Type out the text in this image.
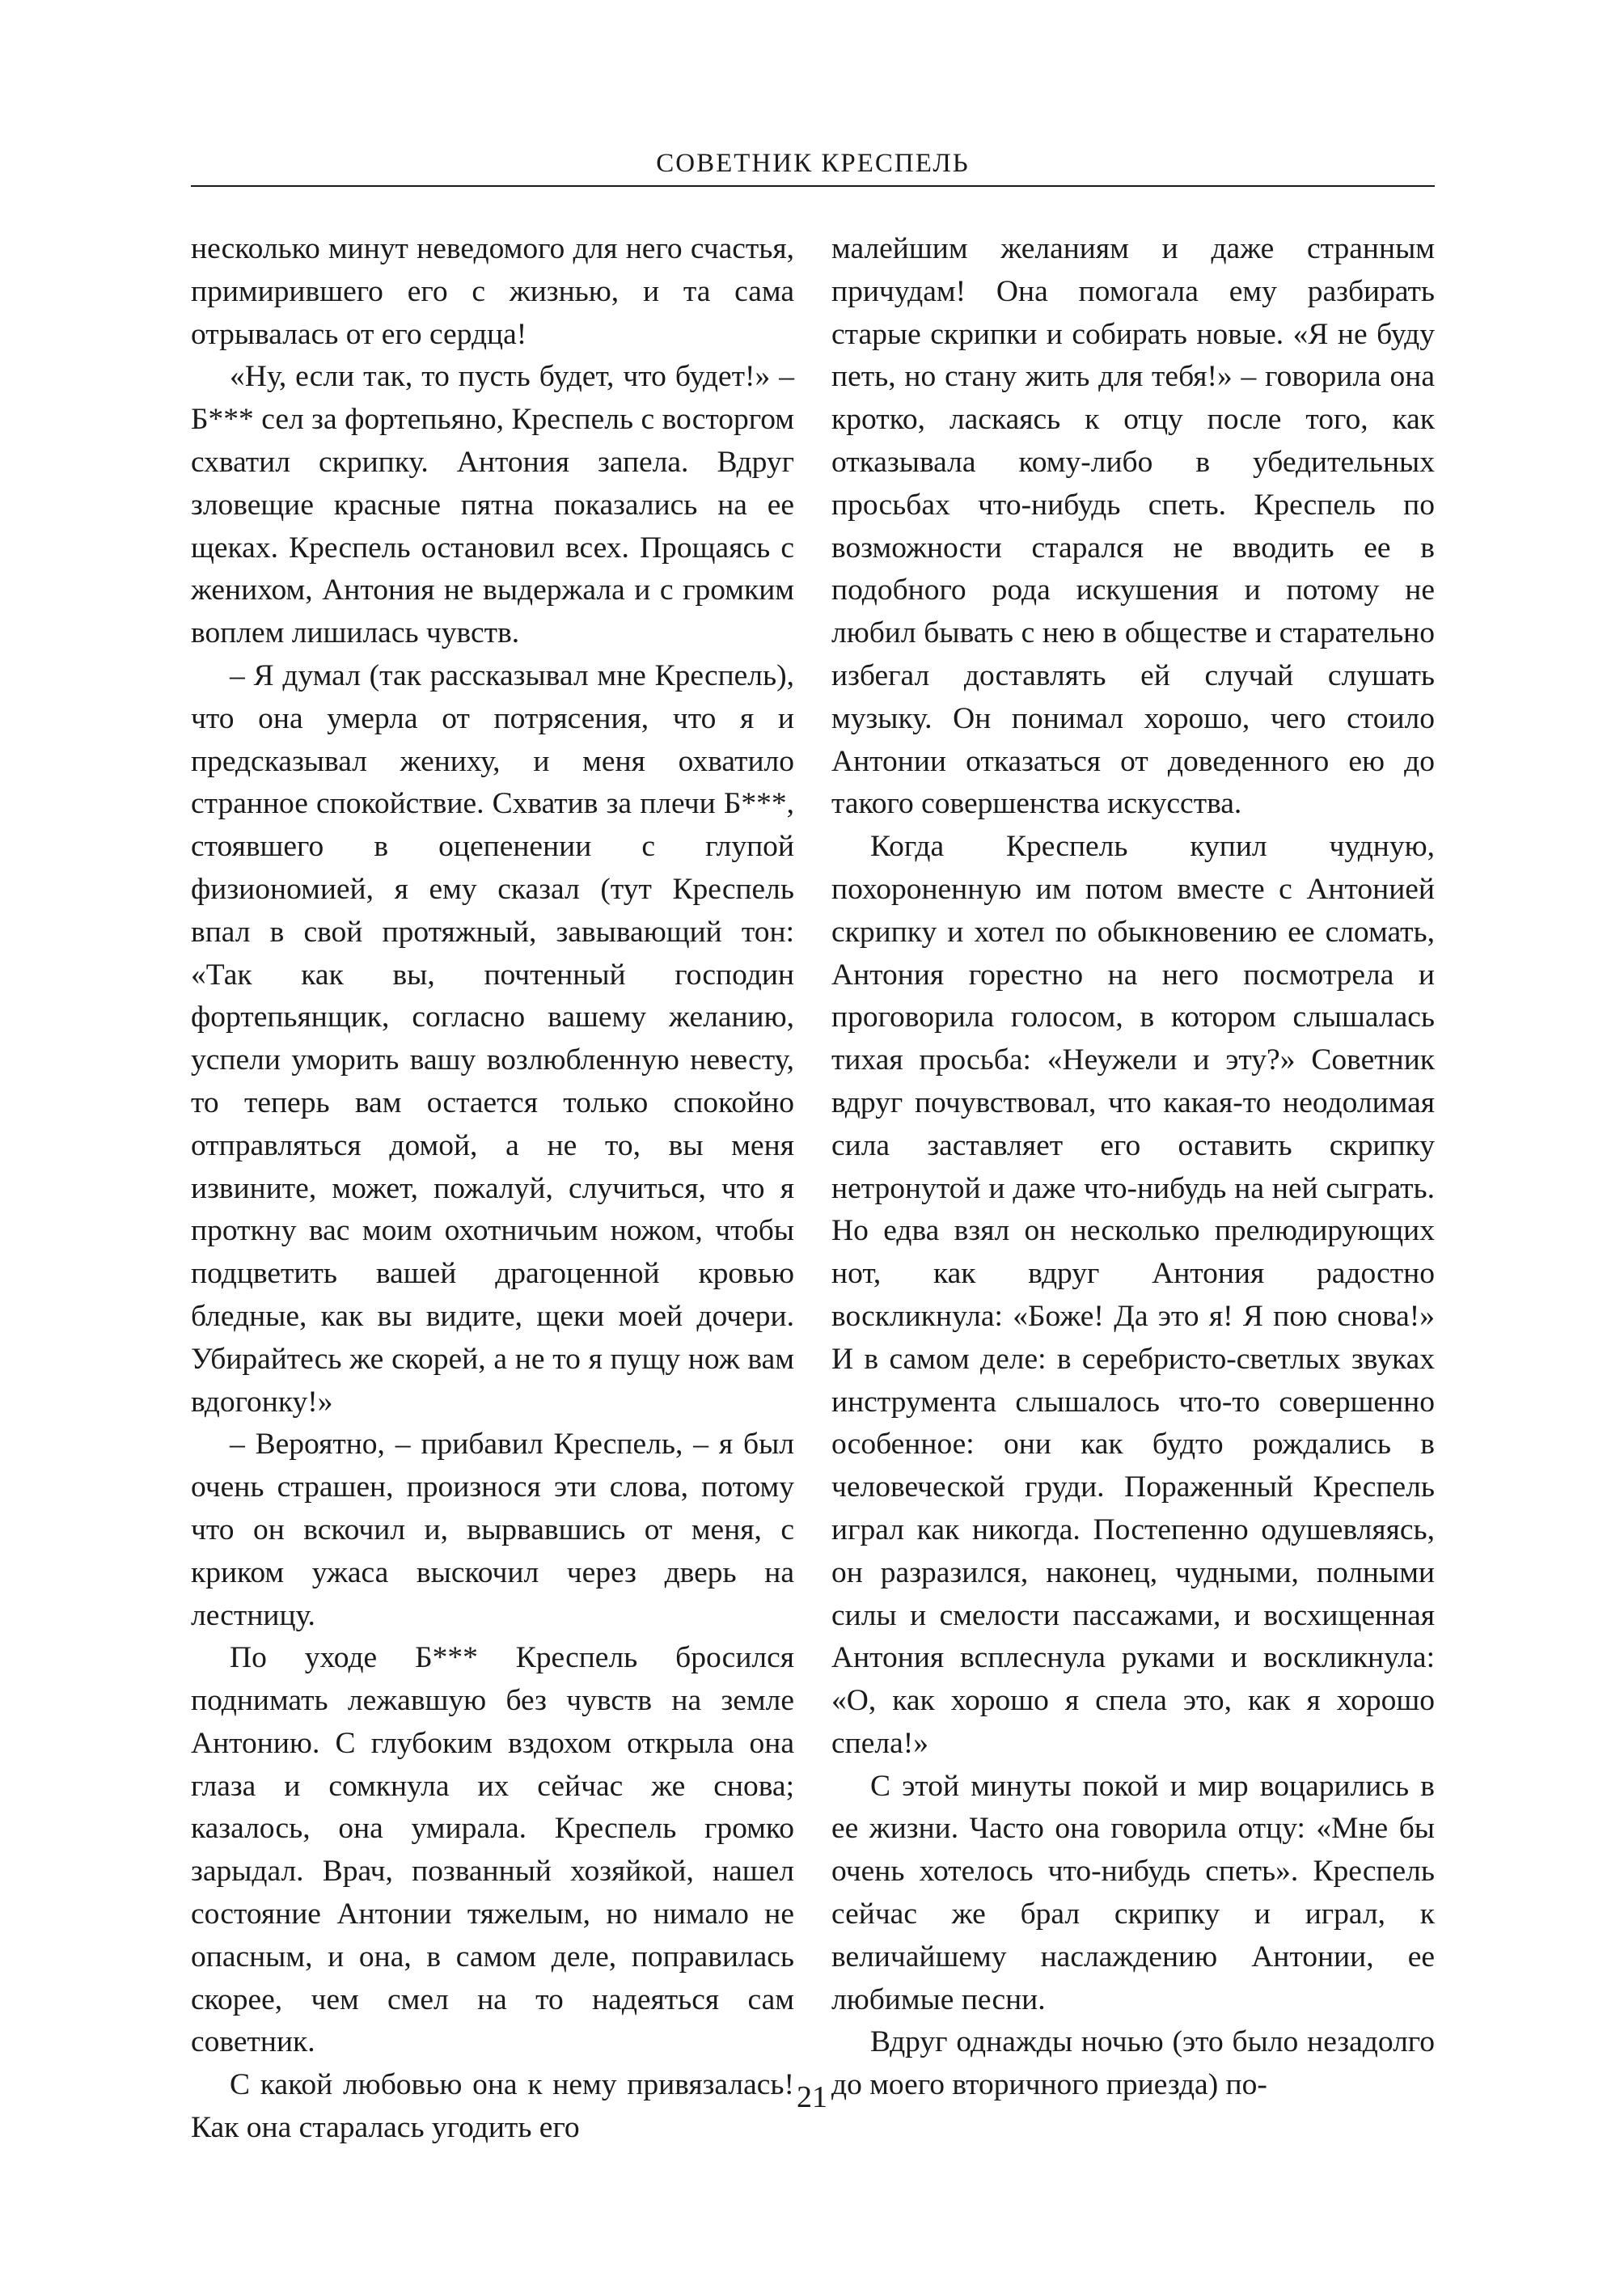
СОВЕТНИК КРЕСПЕЛЬ

несколько минут неведомого для него счастья, примирившего его с жизнью, и та сама отрывалась от его сердца!

«Ну, если так, то пусть будет, что будет!» – Б*** сел за фортепьяно, Креспель с восторгом схватил скрипку. Антония запела. Вдруг зловещие красные пятна показались на ее щеках. Креспель остановил всех. Прощаясь с женихом, Антония не выдержала и с громким воплем лишилась чувств.

– Я думал (так рассказывал мне Креспель), что она умерла от потрясения, что я и предсказывал жениху, и меня охватило странное спокойствие. Схватив за плечи Б***, стоявшего в оцепенении с глупой физиономией, я ему сказал (тут Креспель впал в свой протяжный, завывающий тон: «Так как вы, почтенный господин фортепьянщик, согласно вашему желанию, успели уморить вашу возлюбленную невесту, то теперь вам остается только спокойно отправляться домой, а не то, вы меня извините, может, пожалуй, случиться, что я проткну вас моим охотничьим ножом, чтобы подцветить вашей драгоценной кровью бледные, как вы видите, щеки моей дочери. Убирайтесь же скорей, а не то я пущу нож вам вдогонку!»

– Вероятно, – прибавил Креспель, – я был очень страшен, произнося эти слова, потому что он вскочил и, вырвавшись от меня, с криком ужаса выскочил через дверь на лестницу.

По уходе Б*** Креспель бросился поднимать лежавшую без чувств на земле Антонию. С глубоким вздохом открыла она глаза и сомкнула их сейчас же снова; казалось, она умирала. Креспель громко зарыдал. Врач, позванный хозяйкой, нашел состояние Антонии тяжелым, но нимало не опасным, и она, в самом деле, поправилась скорее, чем смел на то надеяться сам советник.

С какой любовью она к нему привязалась! Как она старалась угодить его

малейшим желаниям и даже странным причудам! Она помогала ему разбирать старые скрипки и собирать новые. «Я не буду петь, но стану жить для тебя!» – говорила она кротко, ласкаясь к отцу после того, как отказывала кому-либо в убедительных просьбах что-нибудь спеть. Креспель по возможности старался не вводить ее в подобного рода искушения и потому не любил бывать с нею в обществе и старательно избегал доставлять ей случай слушать музыку. Он понимал хорошо, чего стоило Антонии отказаться от доведенного ею до такого совершенства искусства.

Когда Креспель купил чудную, похороненную им потом вместе с Антонией скрипку и хотел по обыкновению ее сломать, Антония горестно на него посмотрела и проговорила голосом, в котором слышалась тихая просьба: «Неужели и эту?» Советник вдруг почувствовал, что какая-то неодолимая сила заставляет его оставить скрипку нетронутой и даже что-нибудь на ней сыграть. Но едва взял он несколько прелюдирующих нот, как вдруг Антония радостно воскликнула: «Боже! Да это я! Я пою снова!» И в самом деле: в серебристо-светлых звуках инструмента слышалось что-то совершенно особенное: они как будто рождались в человеческой груди. Пораженный Креспель играл как никогда. Постепенно одушевляясь, он разразился, наконец, чудными, полными силы и смелости пассажами, и восхищенная Антония всплеснула руками и воскликнула: «О, как хорошо я спела это, как я хорошо спела!»

С этой минуты покой и мир воцарились в ее жизни. Часто она говорила отцу: «Мне бы очень хотелось что-нибудь спеть». Креспель сейчас же брал скрипку и играл, к величайшему наслаждению Антонии, ее любимые песни.

Вдруг однажды ночью (это было незадолго до моего вторичного приезда) по-

21
